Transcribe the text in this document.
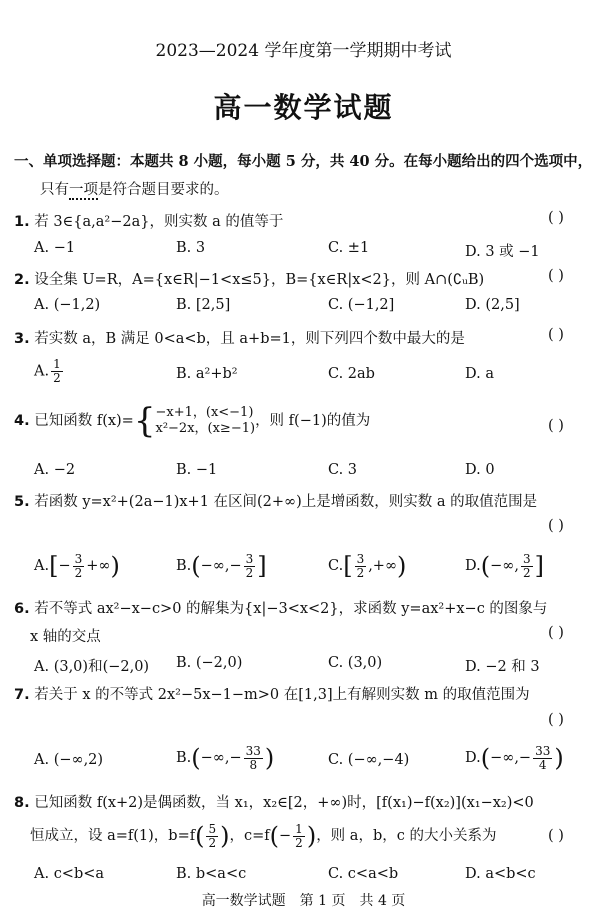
2023—2024 学年度第一学期期中考试
高一数学试题
一、单项选择题：本题共 8 小题，每小题 5 分，共 40 分。在每小题给出的四个选项中，
只有一项是符合题目要求的。
1. 若 3∈{a,a²−2a}，则实数 a 的值等于	( )
A. −1	B. 3	C. ±1	D. 3 或 −1
2. 设全集 U=R，A={x∈R|−1<x≤5}，B={x∈R|x<2}，则 A∩(∁ᵤB)	( )
A. (−1,2)	B. [2,5]	C. (−1,2]	D. (2,5]
3. 若实数 a，B 满足 0<a<b，且 a+b=1，则下列四个数中最大的是	( )
A. $\frac{1}{2}$	B. a²+b²	C. 2ab	D. a
4. 已知函数 f(x)={ −x+1，(x<−1)
x²−2x，(x≥−1) ，则 f(−1)的值为	( )
A. −2	B. −1	C. 3	D. 0
5. 若函数 y=x²+(2a−1)x+1 在区间(2+∞)上是增函数，则实数 a 的取值范围是
( )
$A.[- \frac{3}{2}$ +∞)	$B.(-\infty,- \frac{3}{2}$ ]	$C.[ \frac{3}{2}$ ,+∞)	D.(−∞, $\frac{3}{2}$ ]
6. 若不等式 ax²−x−c>0 的解集为{x|−3<x<2}，求函数 y=ax²+x−c 的图象与
x 轴的交点	( )
A. (3,0)和(−2,0) B. (−2,0)	C. (3,0)	D. −2 和 3
7. 若关于 x 的不等式 2x²−5x−1−m>0 在[1,3]上有解则实数 m 的取值范围为
( )
A. (−∞,2)	$B.(-\infty,- \frac{33}{8}$ )	C. (−∞,−4)	$D.(-\infty,- \frac{33}{4}$ )
8. 已知函数 f(x+2)是偶函数，当 x₁，x₂∈[2，+∞)时，[f(x₁)−f(x₂)](x₁−x₂)<0
恒成立，设 a=f(1)，$b=f( \frac{5}{2}$ )，$c=f(- \frac{1}{2}$ )，则 a，b，c 的大小关系为	( )
A. c<b<a	B. b<a<c	C. c<a<b	D. a<b<c
高一数学试题　第 1 页　共 4 页
